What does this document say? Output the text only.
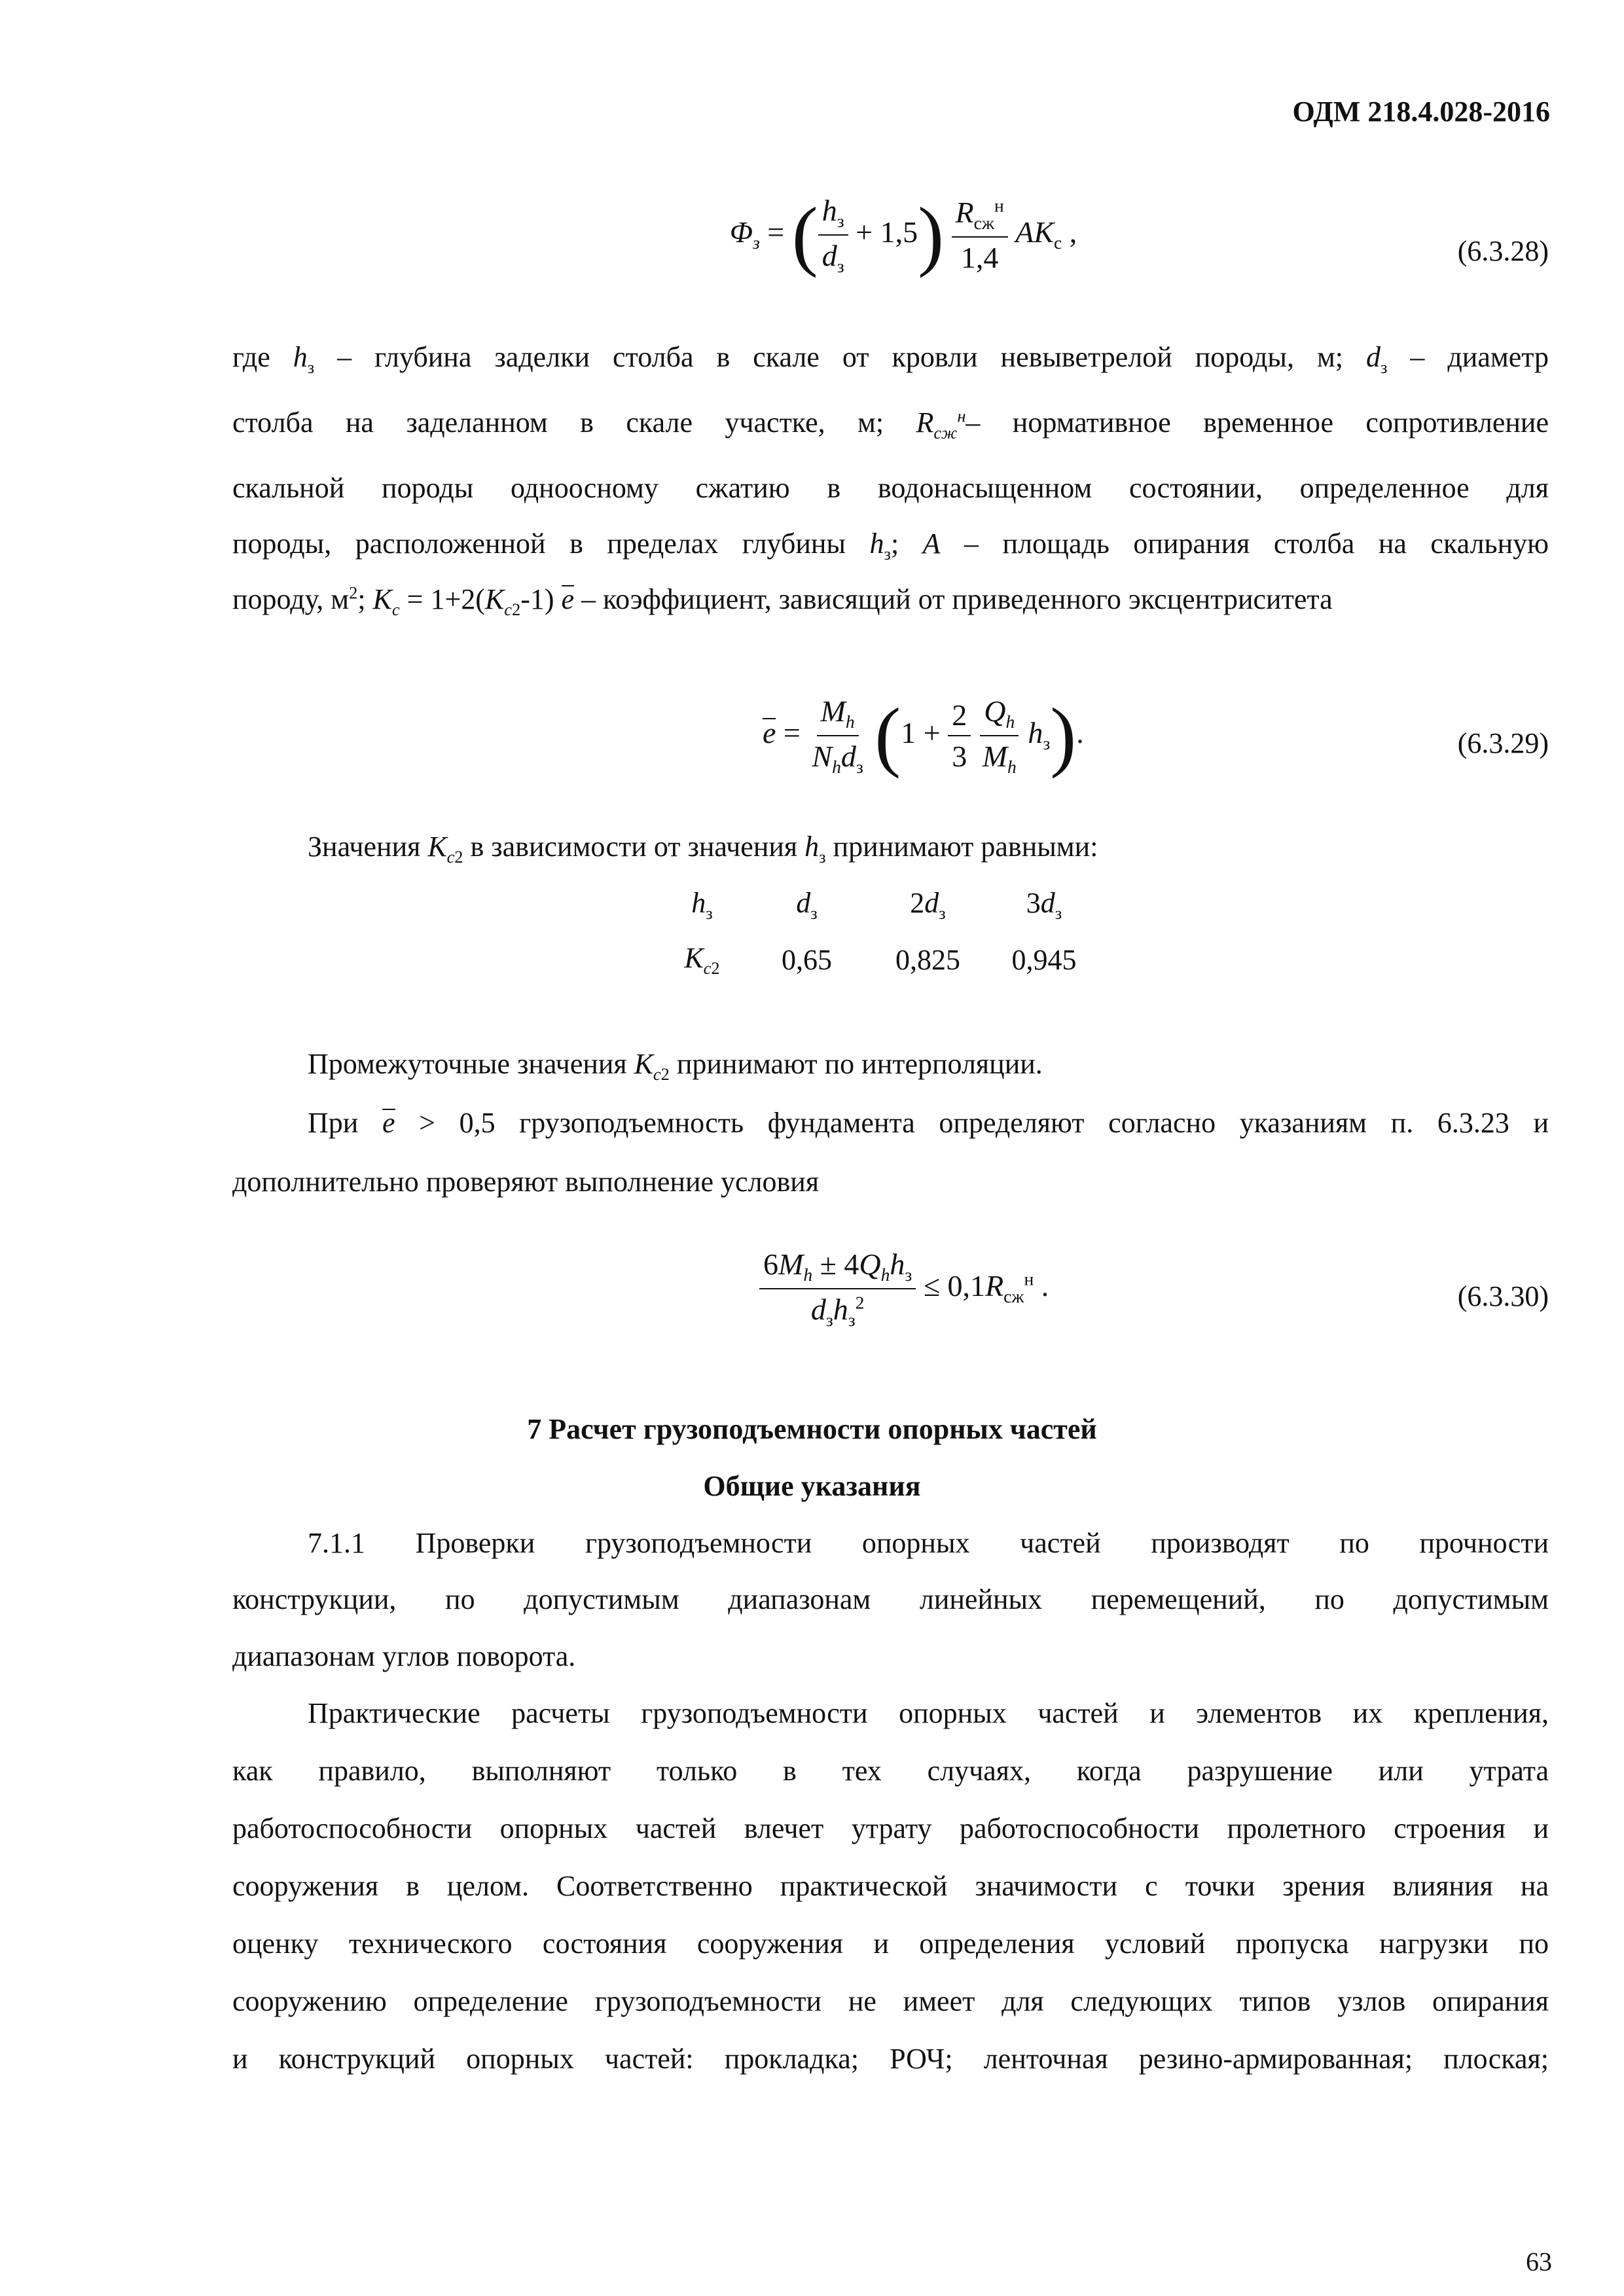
ОДМ 218.4.028-2016
$\Phi_з$ = ( $\frac{h_з}{d_з} + 1,5) \frac{R_{сж}^н}{1,4} AK_с$ ,
(6.3.28)
где $h_з$ – глубина заделки столба в скале от кровли невыветрелой породы, м; $d_з$ – диаметр
столба на заделанном в скале участке, м; $R_{сж}^н-$ нормативное временное сопротивление
скальной породы одноосному сжатию в водонасыщенном состоянии, определенное для
породы, расположенной в пределах глубины $h_з$; A – площадь опирания столба на скальную
породу, $м^2$; $K_с = 1+2(K_{с2}-1)$ e – коэффициент, зависящий от приведенного эксцентриситета
$e = \frac{M_h}{N_hd_з} (1 + \frac{2}{3}$
$\frac{Q_h}{M_h} h_з$).	(6.3.29)
Значения $К_{с2}$ в зависимости от значения $h_з$ принимают равными:
$h_з$	$d_з$	$2d_з$	$3d_з$
$К_{с2}$	0,65	0,825	0,945
Промежуточные значения $К_{с2}$ принимают по интерполяции.
При e > 0,5 грузоподъемность фундамента определяют согласно указаниям п. 6.3.23 и
дополнительно проверяют выполнение условия
$\frac{6M_h \pm 4Q_hh_з}{d_зh_з^2} \le 0,1R_{сж}^н$ .	(6.3.30)
7 Расчет грузоподъемности опорных частей
Общие указания
7.1.1 Проверки грузоподъемности опорных частей производят по прочности
конструкции, по допустимым диапазонам линейных перемещений, по допустимым
диапазонам углов поворота.
Практические расчеты грузоподъемности опорных частей и элементов их крепления,
как правило, выполняют только в тех случаях, когда разрушение или утрата
работоспособности опорных частей влечет утрату работоспособности пролетного строения и
сооружения в целом. Соответственно практической значимости с точки зрения влияния на
оценку технического состояния сооружения и определения условий пропуска нагрузки по
сооружению определение грузоподъемности не имеет для следующих типов узлов опирания
и конструкций опорных частей: прокладка; РОЧ; ленточная резино-армированная; плоская;
63
